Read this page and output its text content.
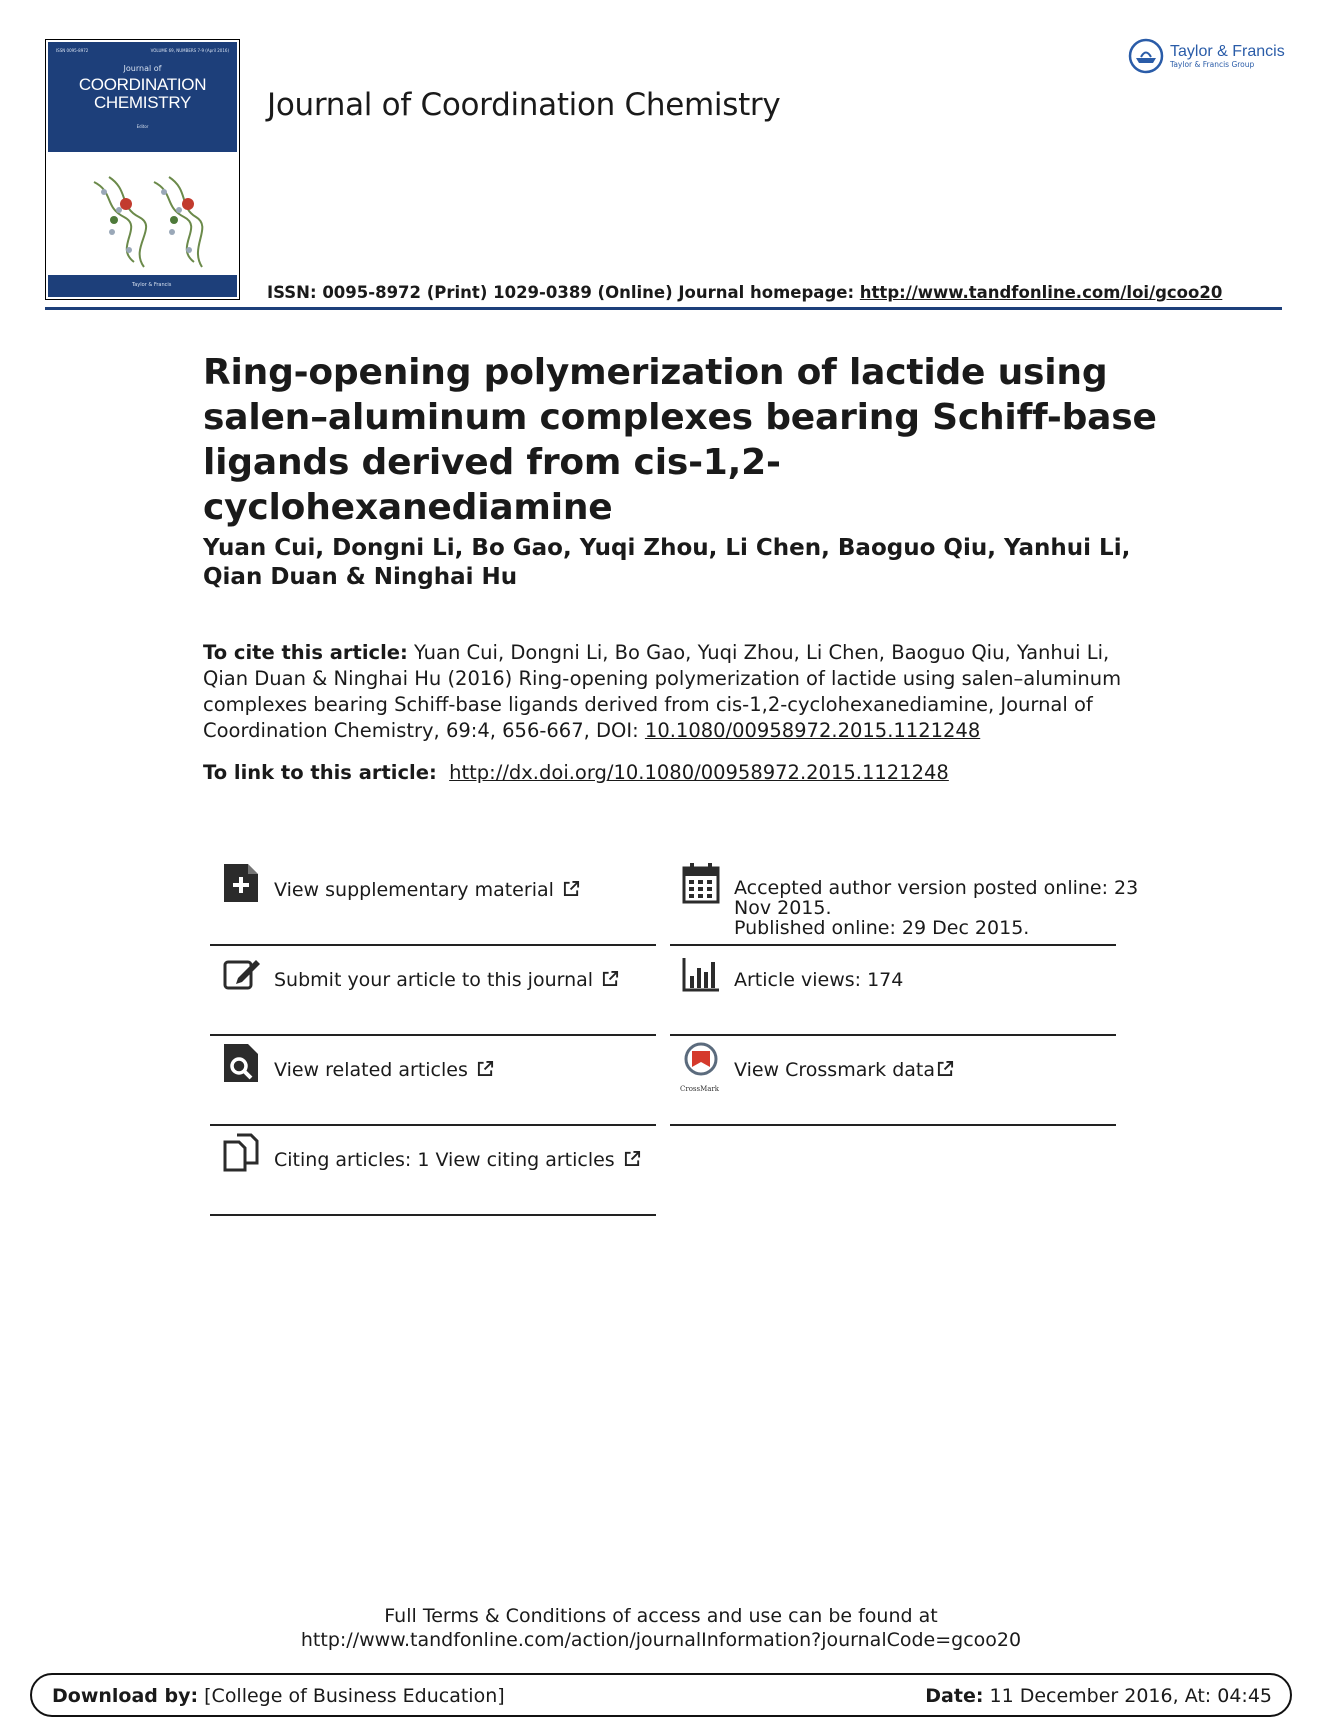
ISSN 0095-8972	VOLUME 69, NUMBERS 7-9 (April 2016)
Journal of
COORDINATION
CHEMISTRY
Editor
Taylor & Francis
Journal of Coordination Chemistry
ISSN: 0095-8972 (Print) 1029-0389 (Online) Journal homepage: http://www.tandfonline.com/loi/gcoo20
Taylor & Francis
Taylor & Francis Group
Ring-opening polymerization of lactide using salen–aluminum complexes bearing Schiff-base ligands derived from cis-1,2-cyclohexanediamine

Yuan Cui, Dongni Li, Bo Gao, Yuqi Zhou, Li Chen, Baoguo Qiu, Yanhui Li, Qian Duan & Ninghai Hu

To cite this article: Yuan Cui, Dongni Li, Bo Gao, Yuqi Zhou, Li Chen, Baoguo Qiu, Yanhui Li, Qian Duan & Ninghai Hu (2016) Ring-opening polymerization of lactide using salen–aluminum complexes bearing Schiff-base ligands derived from cis-1,2-cyclohexanediamine, Journal of Coordination Chemistry, 69:4, 656-667, DOI: 10.1080/00958972.2015.1121248

To link to this article: http://dx.doi.org/10.1080/00958972.2015.1121248
View supplementary material
Submit your article to this journal
View related articles
Citing articles: 1 View citing articles
Accepted author version posted online: 23
Nov 2015.
Published online: 29 Dec 2015.
Article views: 174
CrossMark
View Crossmark data
Full Terms & Conditions of access and use can be found at
http://www.tandfonline.com/action/journalInformation?journalCode=gcoo20
Download by: [College of Business Education]	Date: 11 December 2016, At: 04:45
